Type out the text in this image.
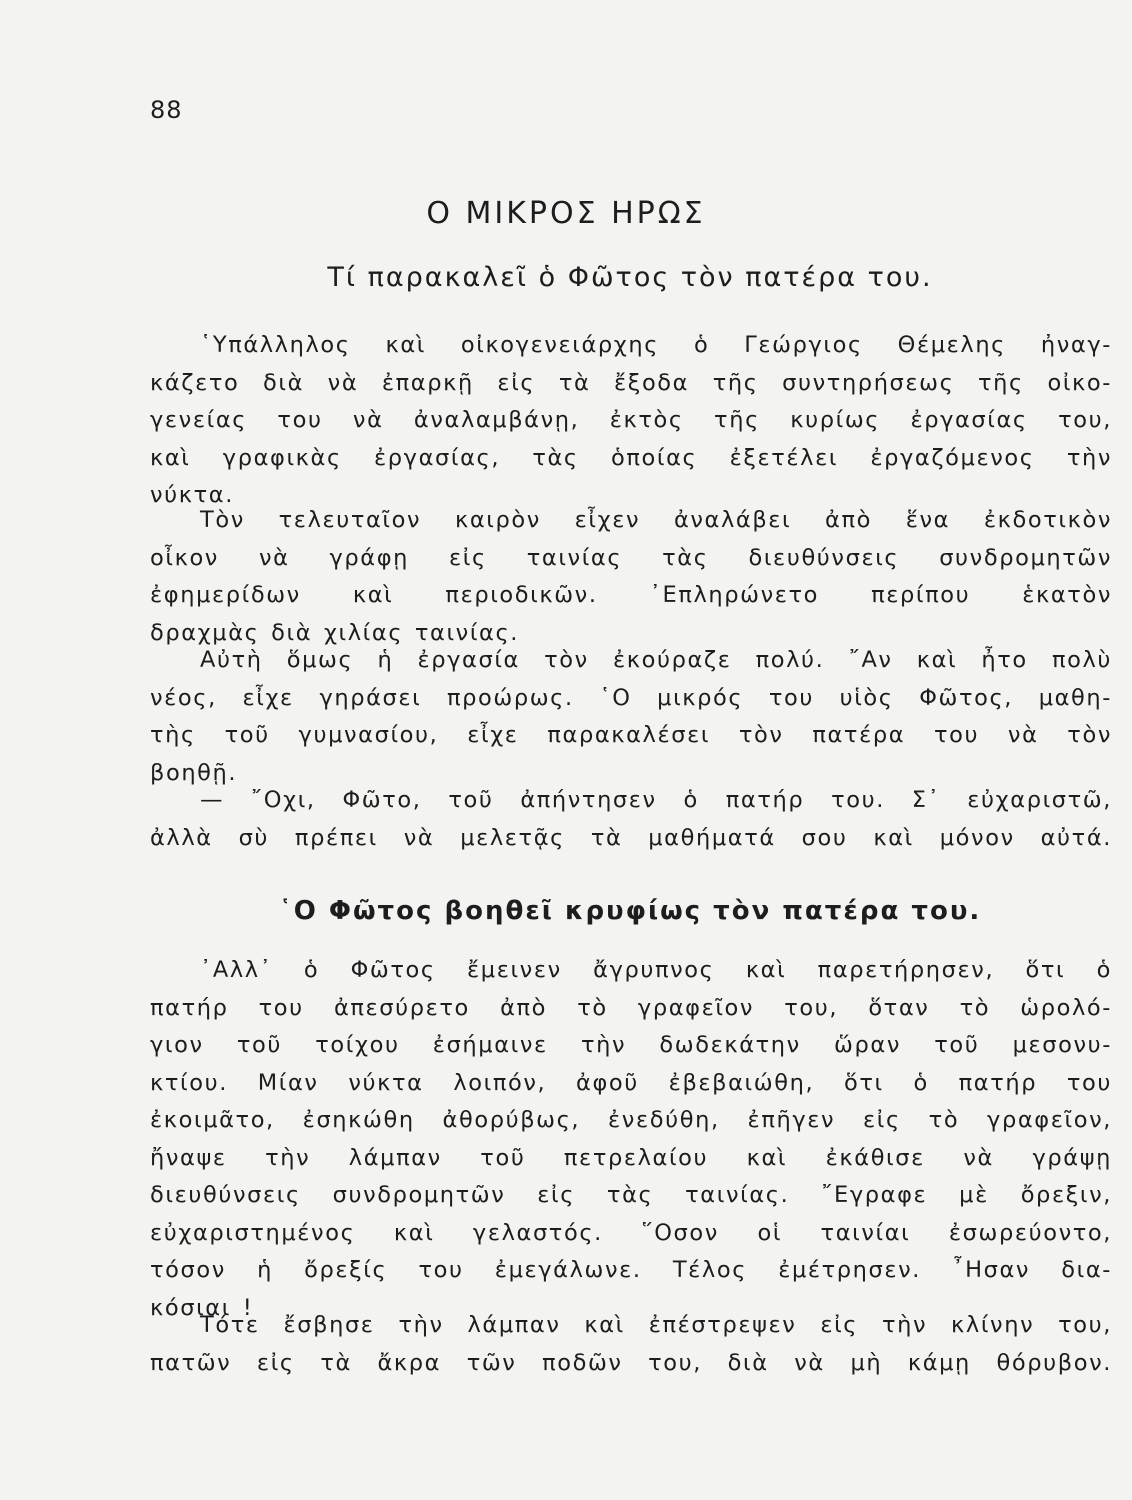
88
Ο ΜΙΚΡΟΣ ΗΡΩΣ
Τί παρακαλεῖ ὁ Φῶτος τὸν πατέρα του.
῾Υπάλληλος καὶ οἰκογενειάρχης ὁ Γεώργιος Θέμελης ἠναγ-
κάζετο διὰ νὰ ἐπαρκῇ εἰς τὰ ἔξοδα τῆς συντηρήσεως τῆς οἰκο-
γενείας του νὰ ἀναλαμβάνῃ, ἐκτὸς τῆς κυρίως ἐργασίας του,
καὶ γραφικὰς ἐργασίας, τὰς ὁποίας ἐξετέλει ἐργαζόμενος τὴν
νύκτα.
Τὸν τελευταῖον καιρὸν εἶχεν ἀναλάβει ἀπὸ ἕνα ἐκδοτικὸν
οἶκον νὰ γράφῃ εἰς ταινίας τὰς διευθύνσεις συνδρομητῶν
ἐφημερίδων καὶ περιοδικῶν. ᾿Επληρώνετο περίπου ἑκατὸν
δραχμὰς διὰ χιλίας ταινίας.
Αὐτὴ ὅμως ἡ ἐργασία τὸν ἐκούραζε πολύ. ῎Αν καὶ ἦτο πολὺ
νέος, εἶχε γηράσει προώρως. ῾Ο μικρός του υἱὸς Φῶτος, μαθη-
τὴς τοῦ γυμνασίου, εἶχε παρακαλέσει τὸν πατέρα του νὰ τὸν
βοηθῇ.
— ῎Οχι, Φῶτο, τοῦ ἀπήντησεν ὁ πατήρ του. Σ᾿ εὐχαριστῶ,
ἀλλὰ σὺ πρέπει νὰ μελετᾷς τὰ μαθήματά σου καὶ μόνον αὐτά.
῾Ο Φῶτος βοηθεῖ κρυφίως τὸν πατέρα του.
᾿Αλλ᾿ ὁ Φῶτος ἔμεινεν ἄγρυπνος καὶ παρετήρησεν, ὅτι ὁ
πατήρ του ἀπεσύρετο ἀπὸ τὸ γραφεῖον του, ὅταν τὸ ὡρολό-
γιον τοῦ τοίχου ἐσήμαινε τὴν δωδεκάτην ὥραν τοῦ μεσονυ-
κτίου. Μίαν νύκτα λοιπόν, ἀφοῦ ἐβεβαιώθη, ὅτι ὁ πατήρ του
ἐκοιμᾶτο, ἐσηκώθη ἀθορύβως, ἐνεδύθη, ἐπῆγεν εἰς τὸ γραφεῖον,
ἤναψε τὴν λάμπαν τοῦ πετρελαίου καὶ ἐκάθισε νὰ γράψῃ
διευθύνσεις συνδρομητῶν εἰς τὰς ταινίας. ῎Εγραφε μὲ ὄρεξιν,
εὐχαριστημένος καὶ γελαστός. ῞Οσον οἱ ταινίαι ἐσωρεύοντο,
τόσον ἡ ὄρεξίς του ἐμεγάλωνε. Τέλος ἐμέτρησεν. ῏Ησαν δια-
κόσιαι !
Τότε ἔσβησε τὴν λάμπαν καὶ ἐπέστρεψεν εἰς τὴν κλίνην του,
πατῶν εἰς τὰ ἄκρα τῶν ποδῶν του, διὰ νὰ μὴ κάμῃ θόρυβον.
